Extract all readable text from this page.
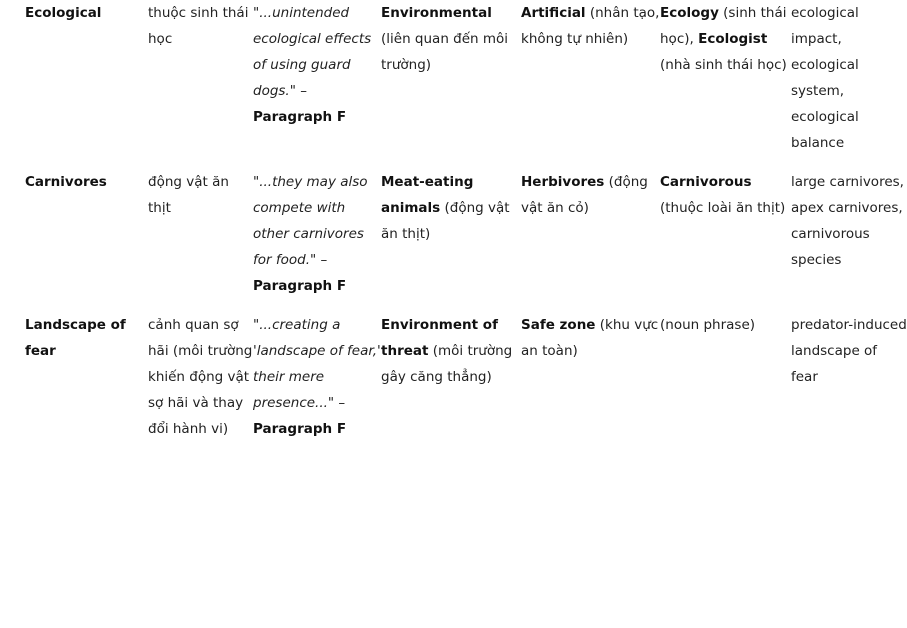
Ecological	thuộc sinh thái học	"...unintended ecological effects of using guard dogs." – Paragraph F	Environmental (liên quan đến môi trường)	Artificial (nhân tạo, không tự nhiên)	Ecology (sinh thái học), Ecologist (nhà sinh thái học)	ecological impact, ecological system, ecological balance
Carnivores	động vật ăn thịt	"...they may also compete with other carnivores for food." – Paragraph F	Meat-eating animals (động vật ăn thịt)	Herbivores (động vật ăn cỏ)	Carnivorous (thuộc loài ăn thịt)	large carnivores, apex carnivores, carnivorous species
Landscape of fear	cảnh quan sợ hãi (môi trường khiến động vật sợ hãi và thay đổi hành vi)	"...creating a 'landscape of fear,' their mere presence..." – Paragraph F	Environment of threat (môi trường gây căng thẳng)	Safe zone (khu vực an toàn)	(noun phrase)	predator-induced landscape of fear
